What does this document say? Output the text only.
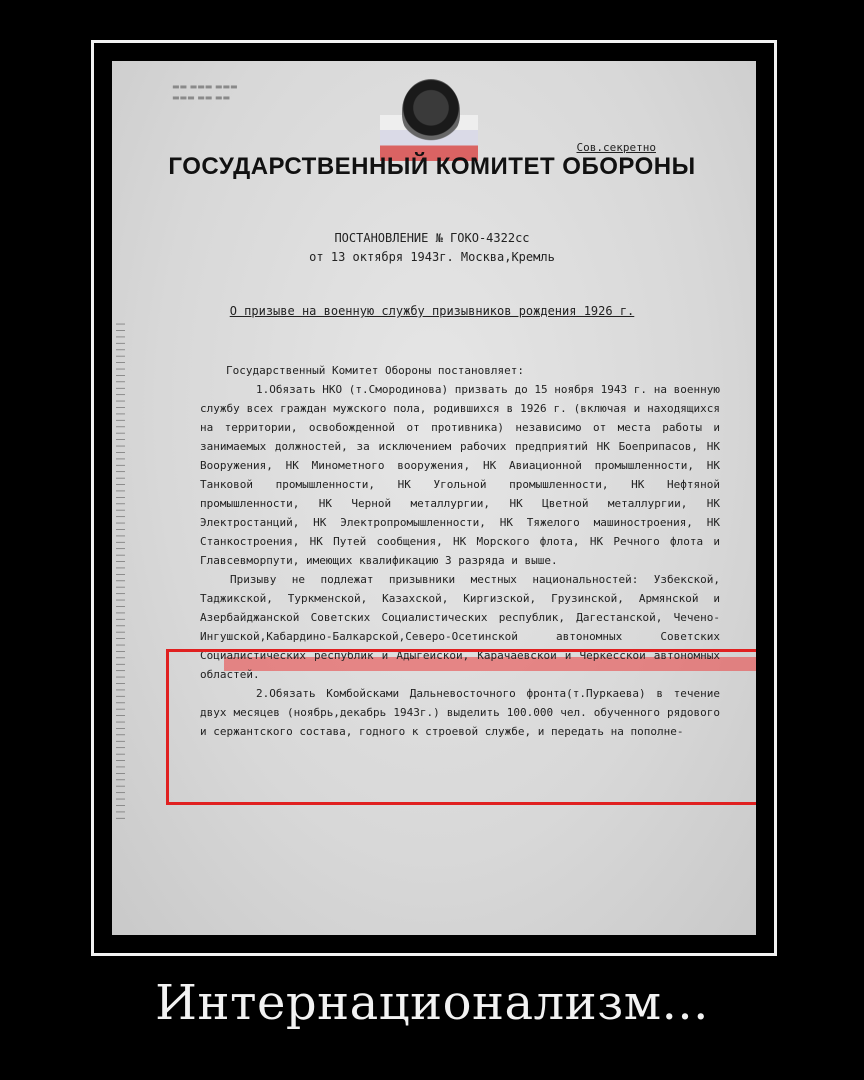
||||||||||||||||||||||||||||||||||||||||||||||||||||||||||||||||||||||||||||||
▬▬ ▬▬▬ ▬▬▬
▬▬▬ ▬▬ ▬▬
Сов.секретно
ГОСУДАРСТВЕННЫЙ КОМИТЕТ ОБОРОНЫ
ПОСТАНОВЛЕНИЕ № ГОКО-4322сс
от 13 октября 1943г. Москва,Кремль
О призыве на военную службу призывников рождения 1926 г.

Государственный Комитет Обороны постановляет:

1.Обязать НКО (т.Смородинова) призвать до 15 ноября 1943 г. на военную службу всех граждан мужского пола, родившихся в 1926 г. (включая и находящихся на территории, освобожденной от противника) независимо от места работы и занимаемых должностей, за исключением рабочих предприятий НК Боеприпасов, НК Вооружения, НК Минометного вооружения, НК Авиационной промышленности, НК Танковой промышленности, НК Угольной промышленности, НК Нефтяной промышленности, НК Черной металлургии, НК Цветной металлургии, НК Электростанций, НК Электропромышленности, НК Тяжелого машиностроения, НК Станкостроения, НК Путей сообщения, НК Морского флота, НК Речного флота и Главсевморпути, имеющих квалификацию 3 разряда и выше.

Призыву не подлежат призывники местных национальностей: Узбекской, Таджикской, Туркменской, Казахской, Киргизской, Грузинской, Армянской и Азербайджанской Советских Социалистических республик, Дагестанской, Чечено-Ингушской,Кабардино-Балкарской,Северо-Осетинской автономных Советских Социалистических республик и Адыгейской, Карачаевской и Черкесской автономных областей.

2.Обязать Комбойсками Дальневосточного фронта(т.Пуркаева) в течение двух месяцев (ноябрь,декабрь 1943г.) выделить 100.000 чел. обученного рядового и сержантского состава, годного к строевой службе, и передать на пополне-

Интернационализм...
